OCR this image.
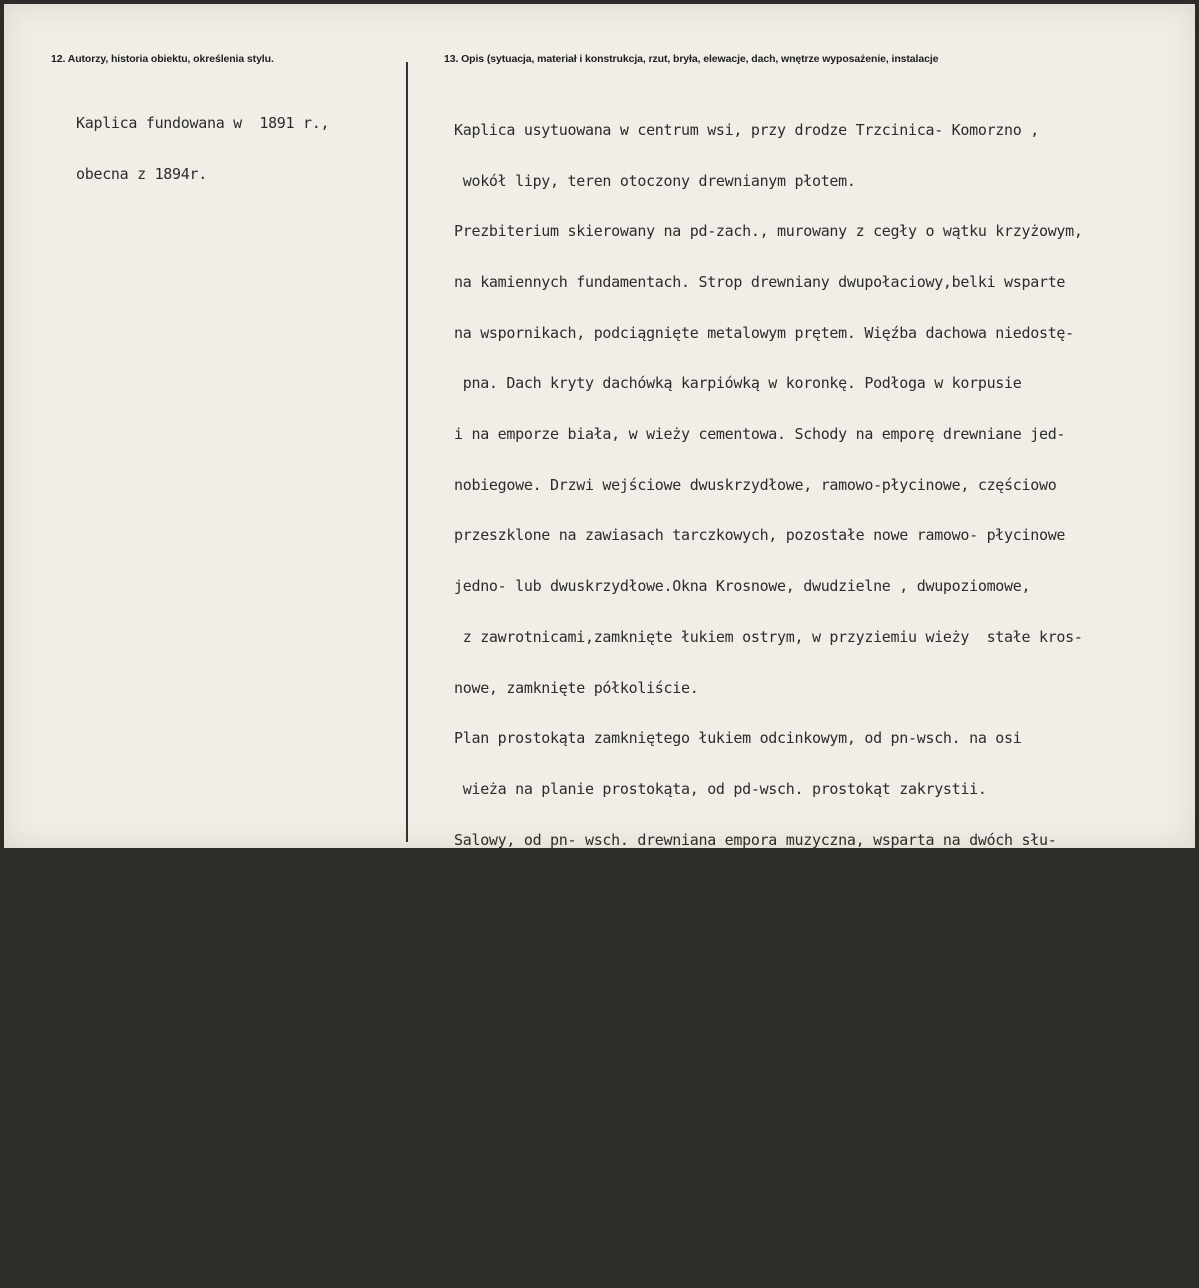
12. Autorzy, historia obiektu, określenia stylu.	13. Opis (sytuacja, materiał i konstrukcja, rzut, bryła, elewacje, dach, wnętrze wyposażenie, instalacje

Kaplica fundowana w  1891 r.,

obecna z 1894r.

Kaplica usytuowana w centrum wsi, przy drodze Trzcinica- Komorzno ,

wokół lipy, teren otoczony drewnianym płotem.

Prezbiterium skierowany na pd-zach., murowany z cegły o wątku krzyżowym,

na kamiennych fundamentach. Strop drewniany dwupołaciowy,belki wsparte

na wspornikach, podciągnięte metalowym prętem. Więźba dachowa niedostę-

pna. Dach kryty dachówką karpiówką w koronkę. Podłoga w korpusie

i na emporze biała, w wieży cementowa. Schody na emporę drewniane jed-

nobiegowe. Drzwi wejściowe dwuskrzydłowe, ramowo-płycinowe, częściowo

przeszklone na zawiasach tarczkowych, pozostałe nowe ramowo- płycinowe

jedno- lub dwuskrzydłowe.Okna Krosnowe, dwudzielne , dwupoziomowe,

z zawrotnicami,zamknięte łukiem ostrym, w przyziemiu wieży  stałe kros-

nowe, zamknięte półkoliście.

Plan prostokąta zamkniętego łukiem odcinkowym, od pn-wsch. na osi

wieża na planie prostokąta, od pd-wsch. prostokąt zakrystii.

Salowy, od pn- wsch. drewniana empora muzyczna, wsparta na dwóch słu-

pach.

Niewysoka podmurówka, ściany boczne opięte między oknami lizenami,

okna w rozglifionych wnękach, pod okapem fryz ząbkowy. Wieża trój-

kondygnacyjna, w pierwszej kondygnacji szteroboczna, wyżej ośmioboczna.,

z lizenami w narożach, wokół drzwi wejściowych otok z kształtek.

Od str . prezbiterium drewniana dobudówka szerokości kaplicy.

Dach dwuspadowy, od zakrystii jednospadowy.

Instalacja elektr.
